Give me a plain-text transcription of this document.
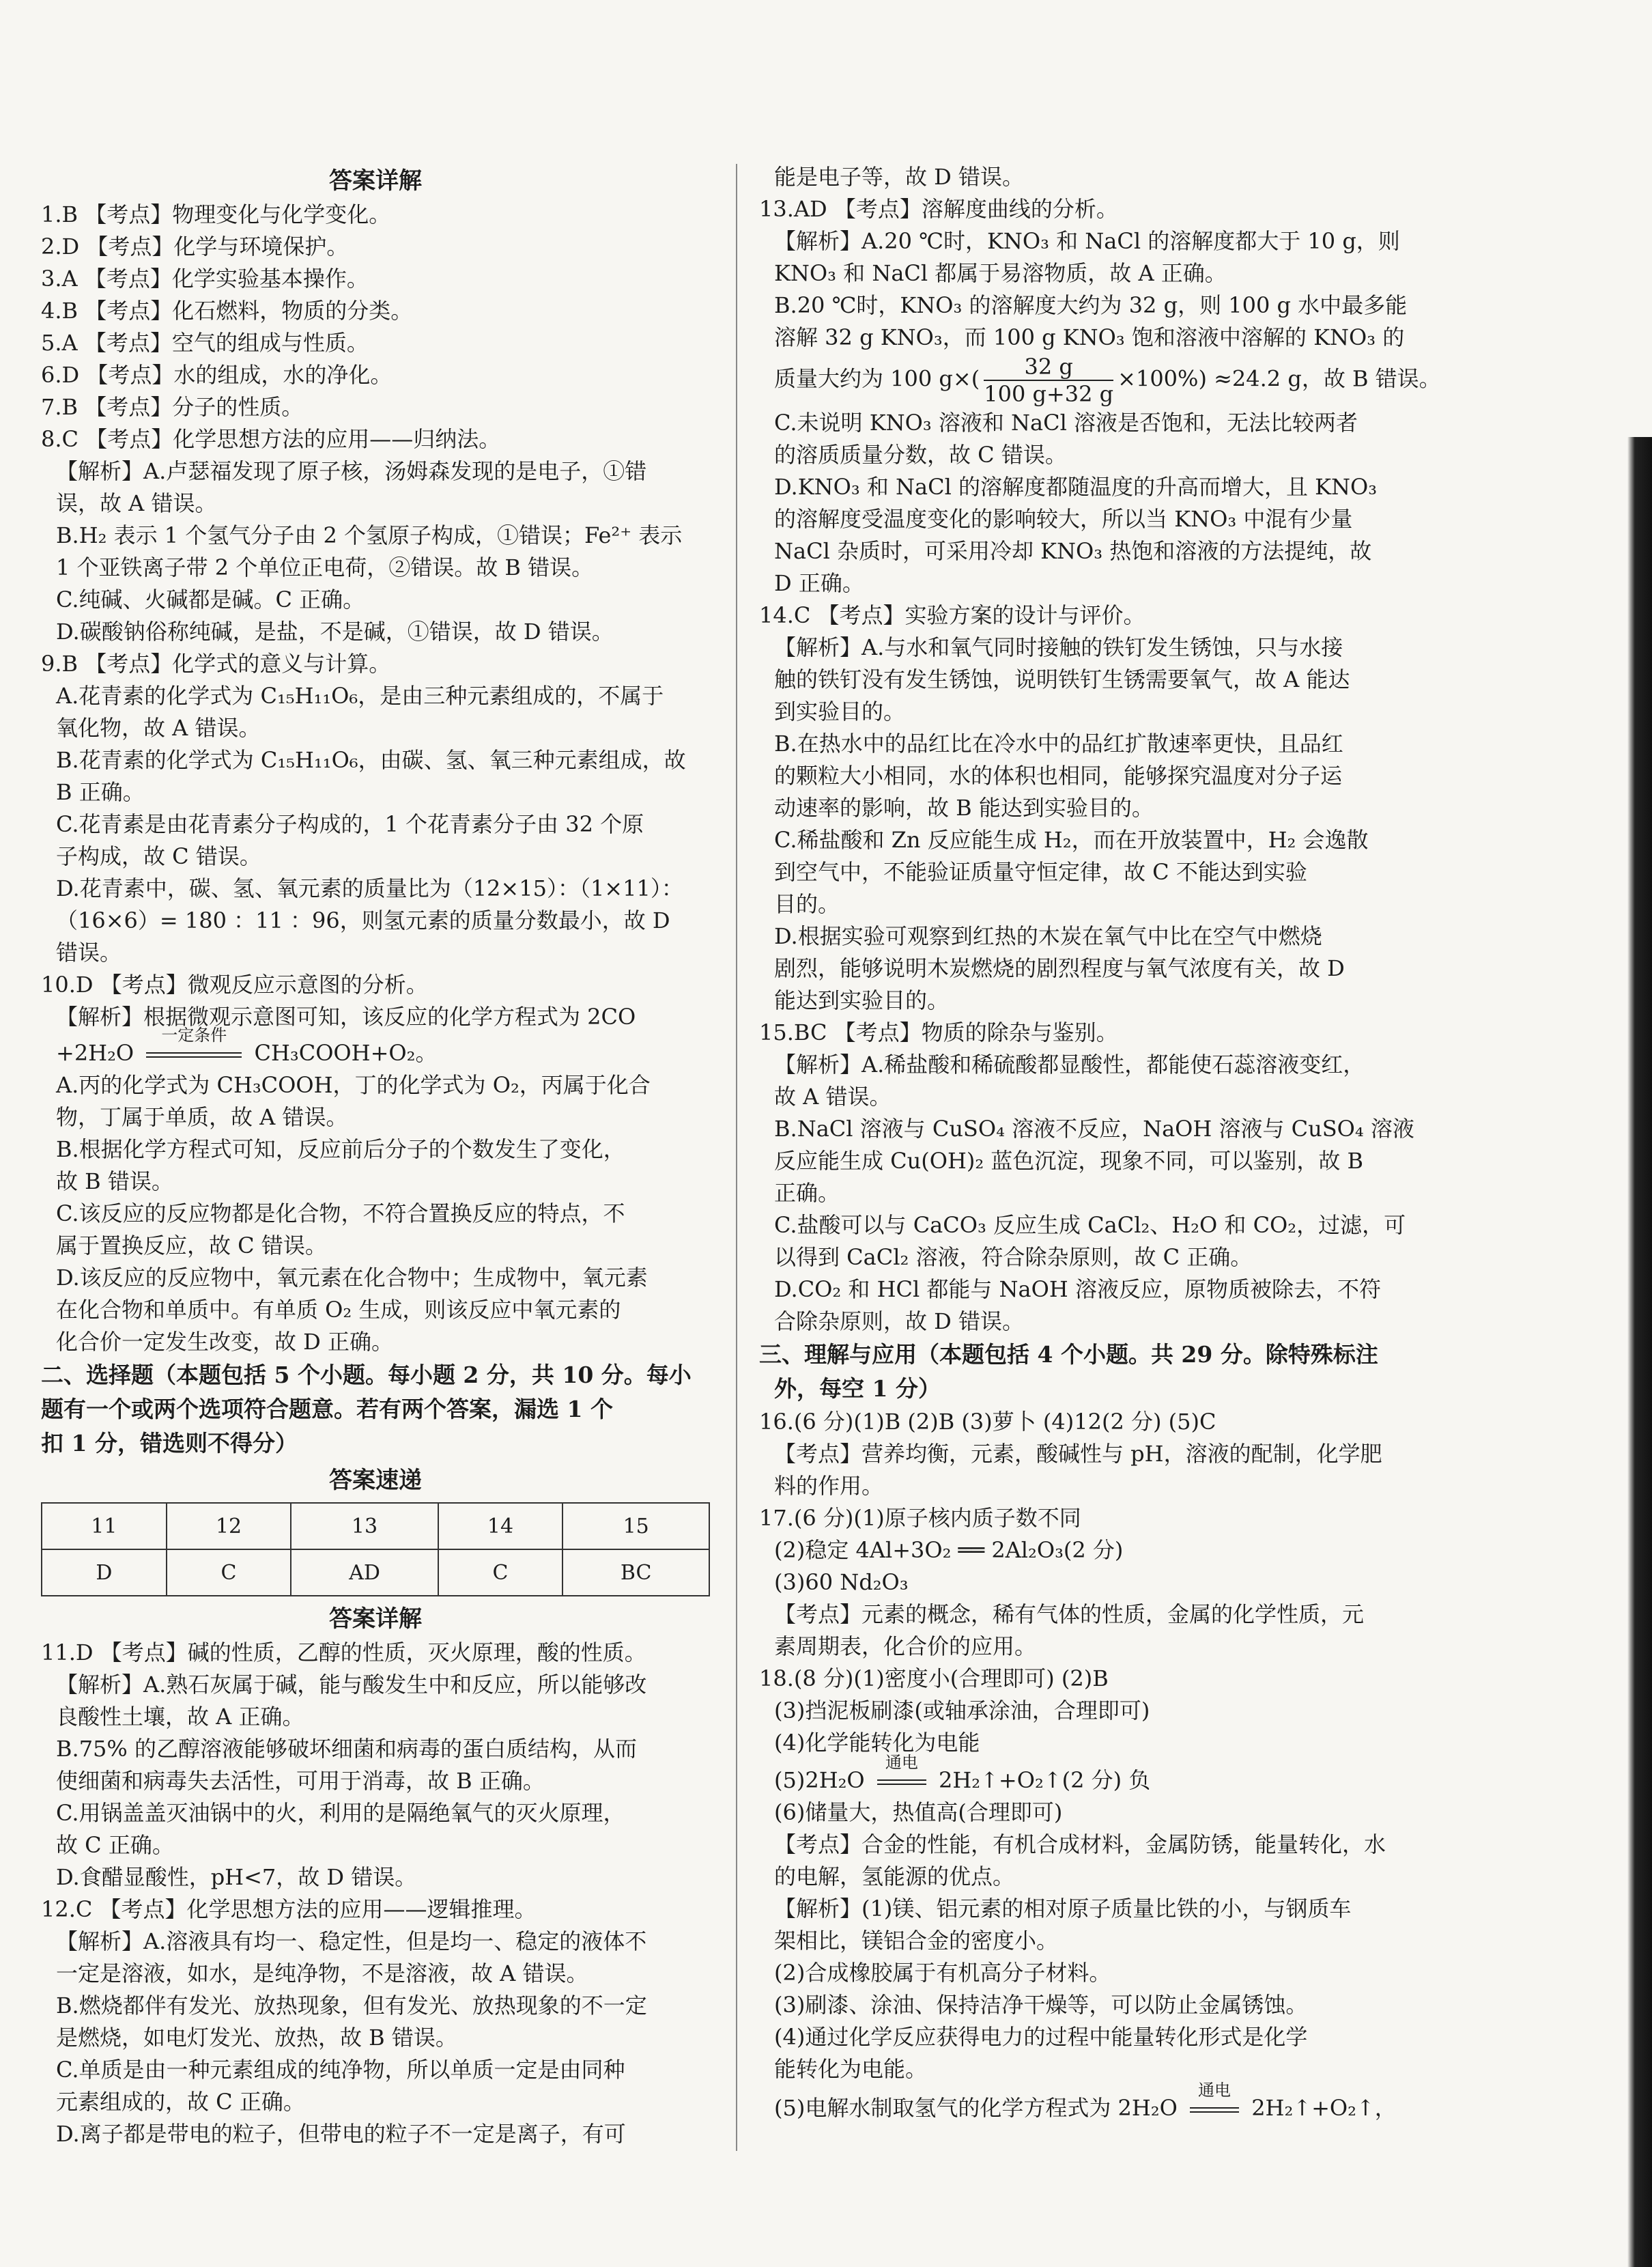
答案详解
1.B 【考点】物理变化与化学变化。
2.D 【考点】化学与环境保护。
3.A 【考点】化学实验基本操作。
4.B 【考点】化石燃料，物质的分类。
5.A 【考点】空气的组成与性质。
6.D 【考点】水的组成，水的净化。
7.B 【考点】分子的性质。
8.C 【考点】化学思想方法的应用——归纳法。
【解析】A.卢瑟福发现了原子核，汤姆森发现的是电子，①错
误，故 A 错误。
B.H₂ 表示 1 个氢气分子由 2 个氢原子构成，①错误；Fe²⁺ 表示
1 个亚铁离子带 2 个单位正电荷，②错误。故 B 错误。
C.纯碱、火碱都是碱。C 正确。
D.碳酸钠俗称纯碱，是盐，不是碱，①错误，故 D 错误。
9.B 【考点】化学式的意义与计算。
A.花青素的化学式为 C₁₅H₁₁O₆，是由三种元素组成的，不属于
氧化物，故 A 错误。
B.花青素的化学式为 C₁₅H₁₁O₆，由碳、氢、氧三种元素组成，故
B 正确。
C.花青素是由花青素分子构成的，1 个花青素分子由 32 个原
子构成，故 C 错误。
D.花青素中，碳、氢、氧元素的质量比为（12×15）：（1×11）：
（16×6）= 180 ：11 ：96，则氢元素的质量分数最小，故 D
错误。
10.D 【考点】微观反应示意图的分析。
【解析】根据微观示意图可知，该反应的化学方程式为 2CO
+2H₂O
一定条件
CH₃COOH+O₂。
A.丙的化学式为 CH₃COOH，丁的化学式为 O₂，丙属于化合
物，丁属于单质，故 A 错误。
B.根据化学方程式可知，反应前后分子的个数发生了变化，
故 B 错误。
C.该反应的反应物都是化合物，不符合置换反应的特点，不
属于置换反应，故 C 错误。
D.该反应的反应物中，氧元素在化合物中；生成物中，氧元素
在化合物和单质中。有单质 O₂ 生成，则该反应中氧元素的
化合价一定发生改变，故 D 正确。
二、选择题（本题包括 5 个小题。每小题 2 分，共 10 分。每小
题有一个或两个选项符合题意。若有两个答案，漏选 1 个
扣 1 分，错选则不得分）
答案速递
11	12	13	14	15
D	C	AD	C	BC
答案详解
11.D 【考点】碱的性质，乙醇的性质，灭火原理，酸的性质。
【解析】A.熟石灰属于碱，能与酸发生中和反应，所以能够改
良酸性土壤，故 A 正确。
B.75% 的乙醇溶液能够破坏细菌和病毒的蛋白质结构，从而
使细菌和病毒失去活性，可用于消毒，故 B 正确。
C.用锅盖盖灭油锅中的火，利用的是隔绝氧气的灭火原理，
故 C 正确。
D.食醋显酸性，pH<7，故 D 错误。
12.C 【考点】化学思想方法的应用——逻辑推理。
【解析】A.溶液具有均一、稳定性，但是均一、稳定的液体不
一定是溶液，如水，是纯净物，不是溶液，故 A 错误。
B.燃烧都伴有发光、放热现象，但有发光、放热现象的不一定
是燃烧，如电灯发光、放热，故 B 错误。
C.单质是由一种元素组成的纯净物，所以单质一定是由同种
元素组成的，故 C 正确。
D.离子都是带电的粒子，但带电的粒子不一定是离子，有可
能是电子等，故 D 错误。
13.AD 【考点】溶解度曲线的分析。
【解析】A.20 ℃时，KNO₃ 和 NaCl 的溶解度都大于 10 g，则
KNO₃ 和 NaCl 都属于易溶物质，故 A 正确。
B.20 ℃时，KNO₃ 的溶解度大约为 32 g，则 100 g 水中最多能
溶解 32 g KNO₃，而 100 g KNO₃ 饱和溶液中溶解的 KNO₃ 的
质量大约为 100 $g\times( \frac{32 g}{100 g+32 g} \times 100\%) \approx 24.2$ g，故 B 错误。
C.未说明 KNO₃ 溶液和 NaCl 溶液是否饱和，无法比较两者
的溶质质量分数，故 C 错误。
D.KNO₃ 和 NaCl 的溶解度都随温度的升高而增大，且 KNO₃
的溶解度受温度变化的影响较大，所以当 KNO₃ 中混有少量
NaCl 杂质时，可采用冷却 KNO₃ 热饱和溶液的方法提纯，故
D 正确。
14.C 【考点】实验方案的设计与评价。
【解析】A.与水和氧气同时接触的铁钉发生锈蚀，只与水接
触的铁钉没有发生锈蚀，说明铁钉生锈需要氧气，故 A 能达
到实验目的。
B.在热水中的品红比在冷水中的品红扩散速率更快，且品红
的颗粒大小相同，水的体积也相同，能够探究温度对分子运
动速率的影响，故 B 能达到实验目的。
C.稀盐酸和 Zn 反应能生成 H₂，而在开放装置中，H₂ 会逸散
到空气中，不能验证质量守恒定律，故 C 不能达到实验
目的。
D.根据实验可观察到红热的木炭在氧气中比在空气中燃烧
剧烈，能够说明木炭燃烧的剧烈程度与氧气浓度有关，故 D
能达到实验目的。
15.BC 【考点】物质的除杂与鉴别。
【解析】A.稀盐酸和稀硫酸都显酸性，都能使石蕊溶液变红，
故 A 错误。
B.NaCl 溶液与 CuSO₄ 溶液不反应，NaOH 溶液与 CuSO₄ 溶液
反应能生成 Cu(OH)₂ 蓝色沉淀，现象不同，可以鉴别，故 B
正确。
C.盐酸可以与 CaCO₃ 反应生成 CaCl₂、H₂O 和 CO₂，过滤，可
以得到 CaCl₂ 溶液，符合除杂原则，故 C 正确。
D.CO₂ 和 HCl 都能与 NaOH 溶液反应，原物质被除去，不符
合除杂原则，故 D 错误。
三、理解与应用（本题包括 4 个小题。共 29 分。除特殊标注
外，每空 1 分）
16.(6 分)(1)B (2)B (3)萝卜 (4)12(2 分) (5)C
【考点】营养均衡，元素，酸碱性与 pH，溶液的配制，化学肥
料的作用。
17.(6 分)(1)原子核内质子数不同
(2)稳定 4Al+3O₂ ══ 2Al₂O₃(2 分)
(3)60 Nd₂O₃
【考点】元素的概念，稀有气体的性质，金属的化学性质，元
素周期表，化合价的应用。
18.(8 分)(1)密度小(合理即可) (2)B
(3)挡泥板刷漆(或轴承涂油，合理即可)
(4)化学能转化为电能
(5)2H₂O
通电
2H₂↑+O₂↑(2 分) 负
(6)储量大，热值高(合理即可)
【考点】合金的性能，有机合成材料，金属防锈，能量转化，水
的电解，氢能源的优点。
【解析】(1)镁、铝元素的相对原子质量比铁的小，与钢质车
架相比，镁铝合金的密度小。
(2)合成橡胶属于有机高分子材料。
(3)刷漆、涂油、保持洁净干燥等，可以防止金属锈蚀。
(4)通过化学反应获得电力的过程中能量转化形式是化学
能转化为电能。
(5)电解水制取氢气的化学方程式为 2H₂O
通电
2H₂↑+O₂↑，
